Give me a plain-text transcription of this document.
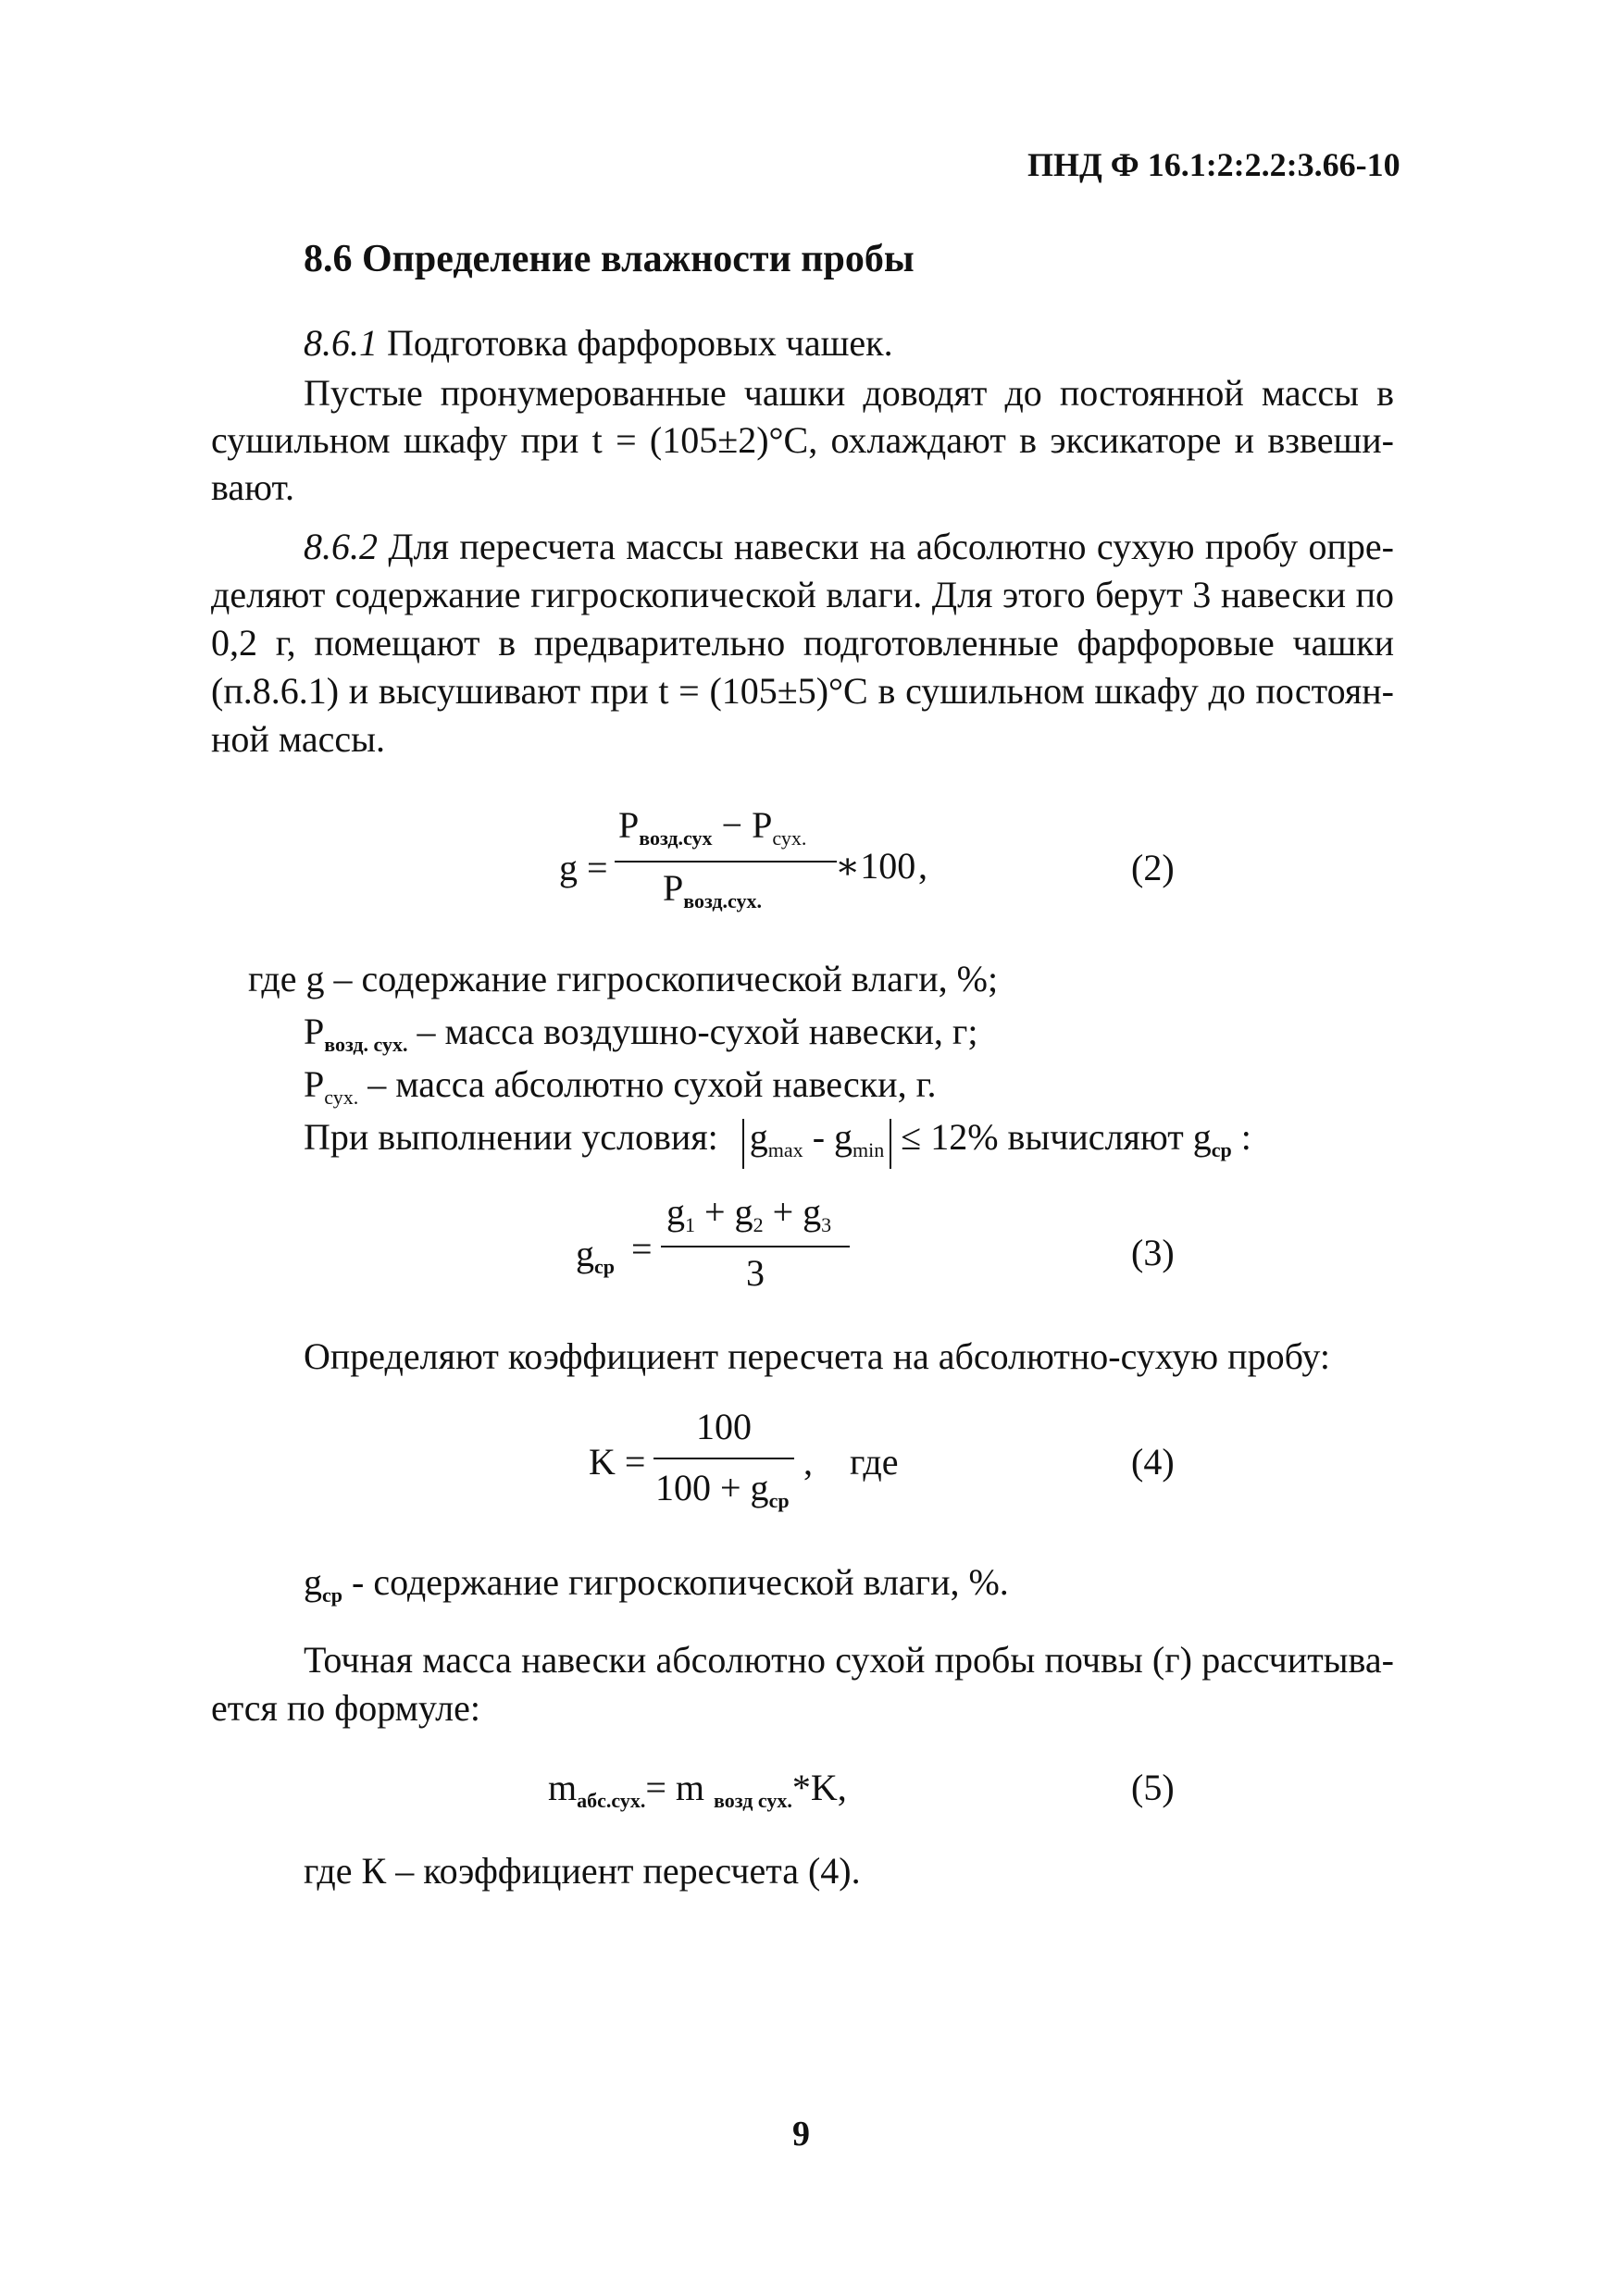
ПНД Ф 16.1:2:2.2:3.66-10
8.6 Определение влажности пробы
8.6.1 Подготовка фарфоровых чашек.
Пустые пронумерованные чашки доводят до постоянной массы в
сушильном шкафу при t = (105±2)°С, охлаждают в эксикаторе и взвеши-
вают.
8.6.2 Для пересчета массы навески на абсолютно сухую пробу опре-
деляют содержание гигроскопической влаги. Для этого берут 3 навески по
0,2 г, помещают в предварительно подготовленные фарфоровые чашки
(п.8.6.1) и высушивают при t = (105±5)°С в сушильном шкафу до постоян-
ной массы.
g =
$P_{возд.сух} - P_{сух.}$
$P_{возд.сух.}$
∗100 ,	(2)
где g – содержание гигроскопической влаги, %;
$P_{возд. сух.}$ – масса воздушно-сухой навески, г;
$P_{сух.}$ – масса абсолютно сухой навески, г.
При выполнении условия: $g_{max} - g_{min} \le 12\%$ вычисляют $g_{ср}$ :
$g_{ср}$ =
$g_1 + g_2 + g_3$
3	(3)
Определяют коэффициент пересчета на абсолютно-сухую пробу:
K =
100
$100 + g_{ср}$
, где	(4)
$g_{ср}$ - содержание гигроскопической влаги, %.
Точная масса навески абсолютно сухой пробы почвы (г) рассчитыва-
ется по формуле:
$m_{абс.сух.}= m$ $_{возд сух.}$*K,	(5)
где К – коэффициент пересчета (4).
9
